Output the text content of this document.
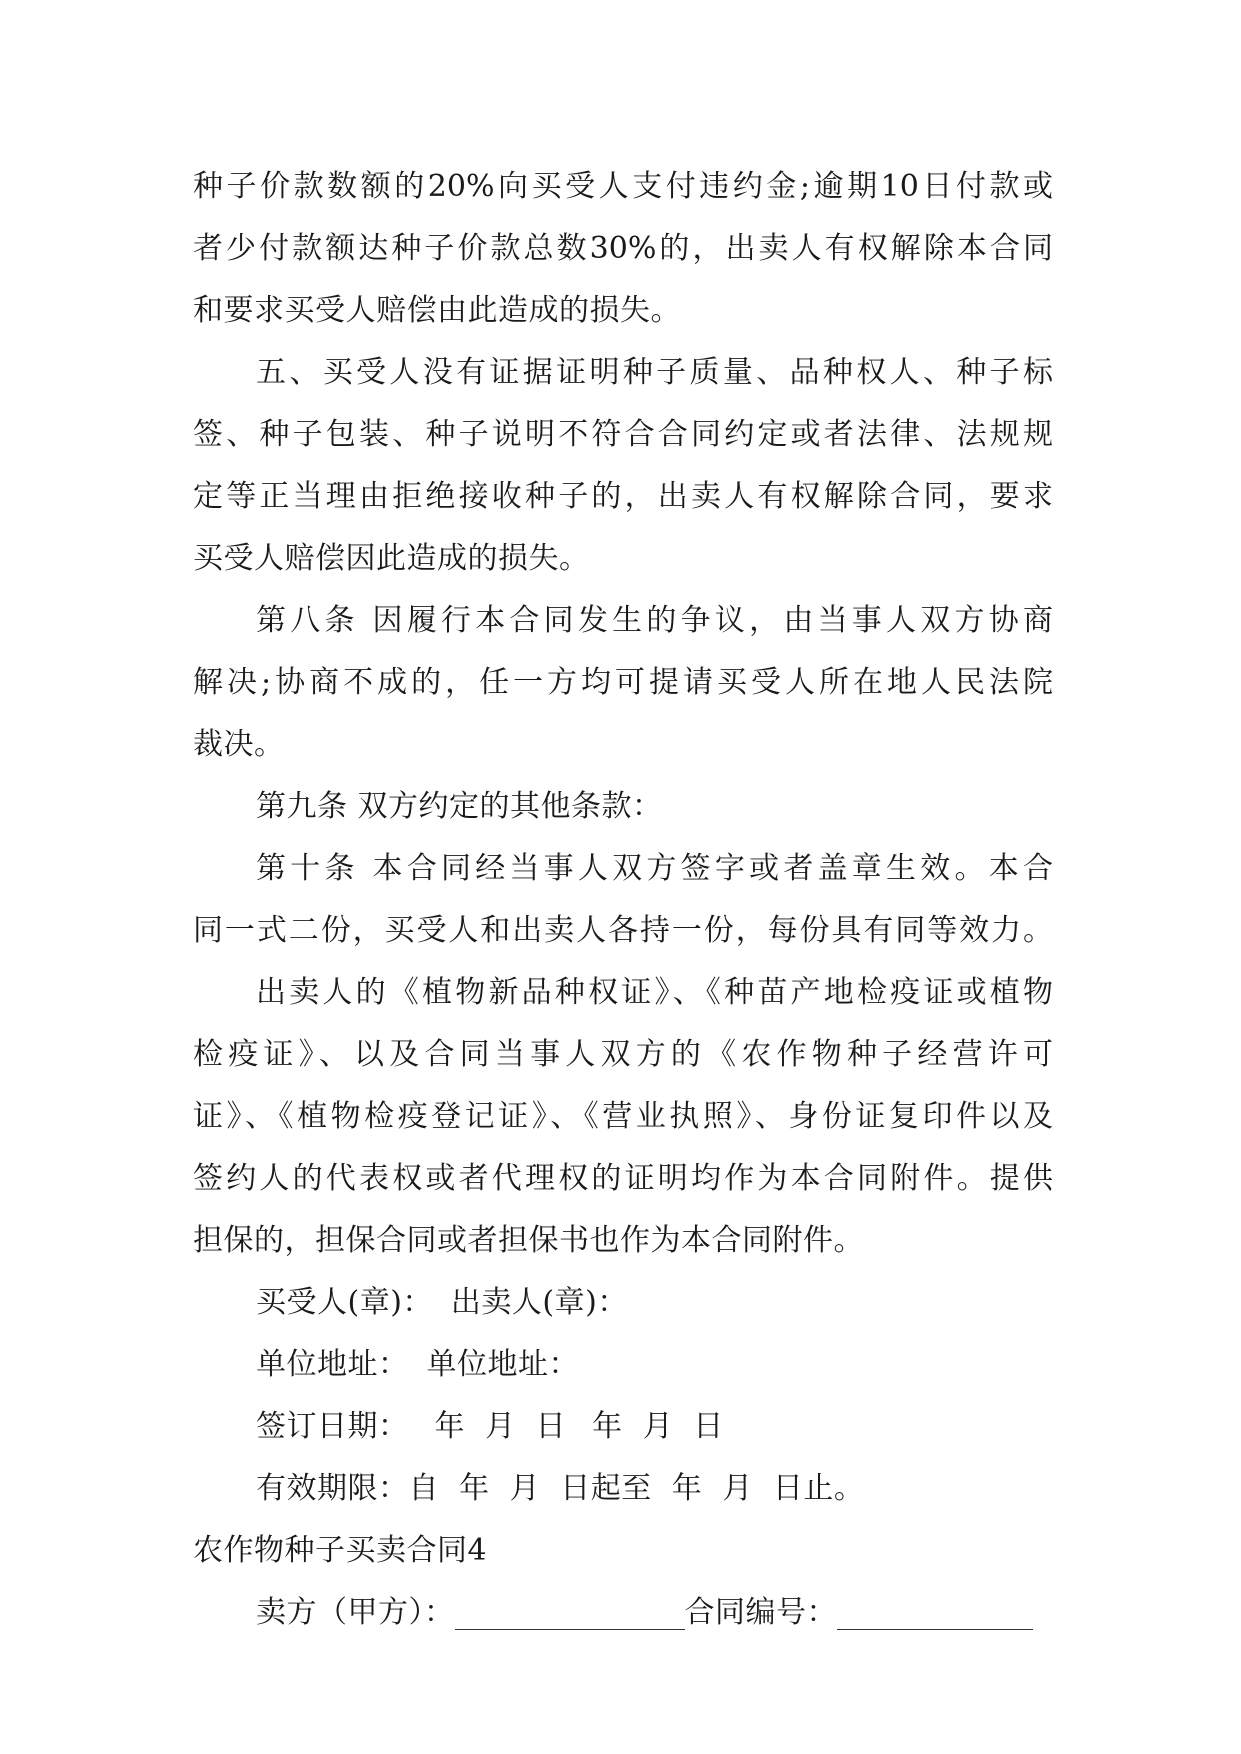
种子价款数额的20%向买受人支付违约金;逾期10日付款或
者少付款额达种子价款总数30%的，出卖人有权解除本合同
和要求买受人赔偿由此造成的损失。
五、买受人没有证据证明种子质量、品种权人、种子标
签、种子包装、种子说明不符合合同约定或者法律、法规规
定等正当理由拒绝接收种子的，出卖人有权解除合同，要求
买受人赔偿因此造成的损失。
第八条 因履行本合同发生的争议，由当事人双方协商
解决;协商不成的，任一方均可提请买受人所在地人民法院
裁决。
第九条 双方约定的其他条款：
第十条 本合同经当事人双方签字或者盖章生效。本合
同一式二份，买受人和出卖人各持一份，每份具有同等效力。
出卖人的《植物新品种权证》、《种苗产地检疫证或植物
检疫证》、以及合同当事人双方的《农作物种子经营许可
证》、《植物检疫登记证》、《营业执照》、身份证复印件以及
签约人的代表权或者代理权的证明均作为本合同附件。提供
担保的，担保合同或者担保书也作为本合同附件。
买受人(章)： 出卖人(章)：
单位地址： 单位地址：
签订日期： 年  月  日 年  月  日
有效期限：自  年  月  日起至  年  月  日止。
农作物种子买卖合同4
卖方（甲方）：	合同编号：
